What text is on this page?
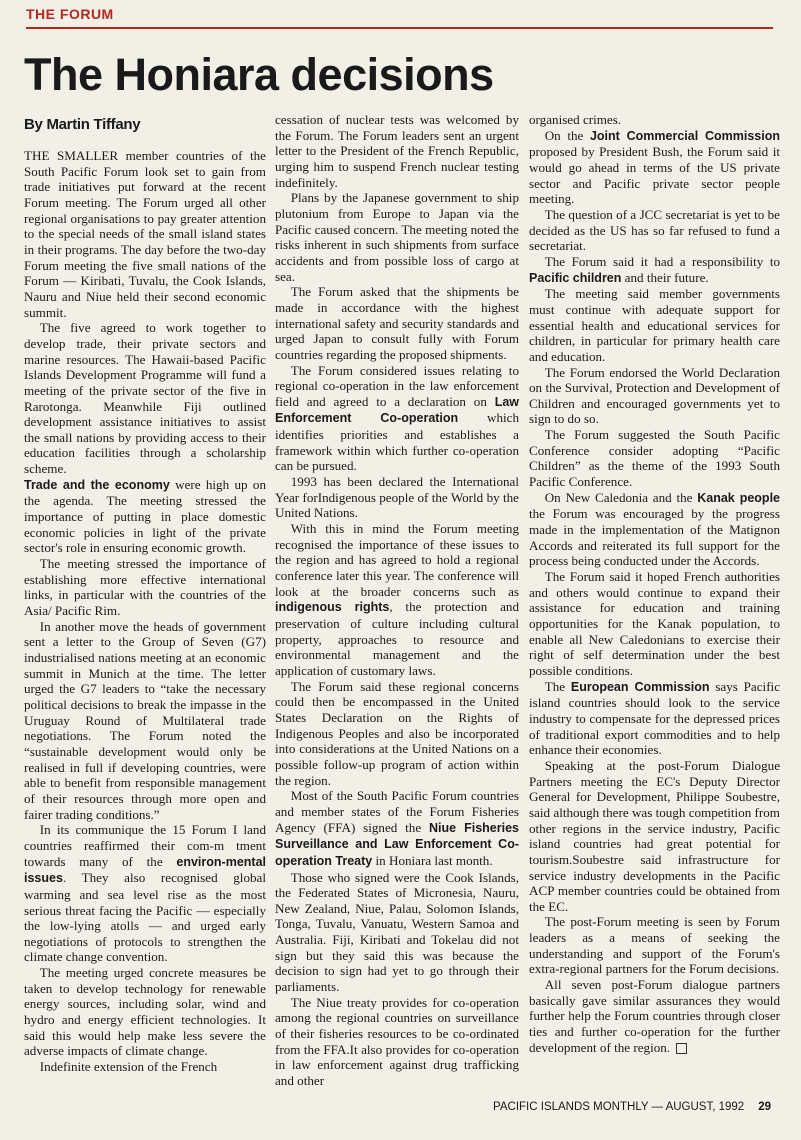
THE FORUM
The Honiara decisions
By Martin Tiffany

THE SMALLER member countries of the South Pacific Forum look set to gain from trade initiatives put forward at the recent Forum meeting. The Forum urged all other regional organisations to pay greater attention to the special needs of the small island states in their programs. The day before the two-day Forum meeting the five small nations of the Forum — Kiribati, Tuvalu, the Cook Islands, Nauru and Niue held their second economic summit.

The five agreed to work together to develop trade, their private sectors and marine resources. The Hawaii-based Pacific Islands Development Programme will fund a meeting of the private sector of the five in Rarotonga. Meanwhile Fiji outlined development assistance initiatives to assist the small nations by providing access to their education facilities through a scholarship scheme.

Trade and the economy were high up on the agenda. The meeting stressed the importance of putting in place domestic economic policies in light of the private sector's role in ensuring economic growth.

The meeting stressed the importance of establishing more effective international links, in particular with the countries of the Asia/ Pacific Rim.

In another move the heads of government sent a letter to the Group of Seven (G7) industrialised nations meeting at an economic summit in Munich at the time. The letter urged the G7 leaders to “take the necessary political decisions to break the impasse in the Uruguay Round of Multilateral trade negotiations. The Forum noted the “sustainable development would only be realised in full if developing countries, were able to benefit from responsible management of their resources through more open and fairer trading conditions.”

In its communique the 15 Forum I land countries reaffirmed their com-m tment towards many of the environ-mental issues. They also recognised global warming and sea level rise as the most serious threat facing the Pacific — especially the low-lying atolls — and urged early negotiations of protocols to strengthen the climate change convention.

The meeting urged concrete measures be taken to develop technology for renewable energy sources, including solar, wind and hydro and energy efficient technologies. It said this would help make less severe the adverse impacts of climate change.

Indefinite extension of the French

cessation of nuclear tests was welcomed by the Forum. The Forum leaders sent an urgent letter to the President of the French Republic, urging him to suspend French nuclear testing indefinitely.

Plans by the Japanese government to ship plutonium from Europe to Japan via the Pacific caused concern. The meeting noted the risks inherent in such shipments from surface accidents and from possible loss of cargo at sea.

The Forum asked that the shipments be made in accordance with the highest international safety and security standards and urged Japan to consult fully with Forum countries regarding the proposed shipments.

The Forum considered issues relating to regional co-operation in the law enforcement field and agreed to a declaration on Law Enforcement Co-operation which identifies priorities and establishes a framework within which further co-operation can be pursued.

1993 has been declared the International Year forIndigenous people of the World by the United Nations.

With this in mind the Forum meeting recognised the importance of these issues to the region and has agreed to hold a regional conference later this year. The conference will look at the broader concerns such as indigenous rights, the protection and preservation of culture including cultural property, approaches to resource and environmental management and the application of customary laws.

The Forum said these regional concerns could then be encompassed in the United States Declaration on the Rights of Indigenous Peoples and also be incorporated into considerations at the United Nations on a possible follow-up program of action within the region.

Most of the South Pacific Forum countries and member states of the Forum Fisheries Agency (FFA) signed the Niue Fisheries Surveillance and Law Enforcement Co-operation Treaty in Honiara last month.

Those who signed were the Cook Islands, the Federated States of Micronesia, Nauru, New Zealand, Niue, Palau, Solomon Islands, Tonga, Tuvalu, Vanuatu, Western Samoa and Australia. Fiji, Kiribati and Tokelau did not sign but they said this was because the decision to sign had yet to go through their parliaments.

The Niue treaty provides for co-operation among the regional countries on surveillance of their fisheries resources to be co-ordinated from the FFA.It also provides for co-operation in law enforcement against drug trafficking and other

organised crimes.

On the Joint Commercial Commission proposed by President Bush, the Forum said it would go ahead in terms of the US private sector and Pacific private sector people meeting.

The question of a JCC secretariat is yet to be decided as the US has so far refused to fund a secretariat.

The Forum said it had a responsibility to Pacific children and their future.

The meeting said member governments must continue with adequate support for essential health and educational services for children, in particular for primary health care and education.

The Forum endorsed the World Declaration on the Survival, Protection and Development of Children and encouraged governments yet to sign to do so.

The Forum suggested the South Pacific Conference consider adopting “Pacific Children” as the theme of the 1993 South Pacific Conference.

On New Caledonia and the Kanak people the Forum was encouraged by the progress made in the implementation of the Matignon Accords and reiterated its full support for the process being conducted under the Accords.

The Forum said it hoped French authorities and others would continue to expand their assistance for education and training opportunities for the Kanak population, to enable all New Caledonians to exercise their right of self determination under the best possible conditions.

The European Commission says Pacific island countries should look to the service industry to compensate for the depressed prices of traditional export commodities and to help enhance their economies.

Speaking at the post-Forum Dialogue Partners meeting the EC's Deputy Director General for Development, Philippe Soubestre, said although there was tough competition from other regions in the service industry, Pacific island countries had great potential for tourism.Soubestre said infrastructure for service industry developments in the Pacific ACP member countries could be obtained from the EC.

The post-Forum meeting is seen by Forum leaders as a means of seeking the understanding and support of the Forum's extra-regional partners for the Forum decisions.

All seven post-Forum dialogue partners basically gave similar assurances they would further help the Forum countries through closer ties and further co-operation for the further development of the region.

PACIFIC ISLANDS MONTHLY — AUGUST, 1992 29
